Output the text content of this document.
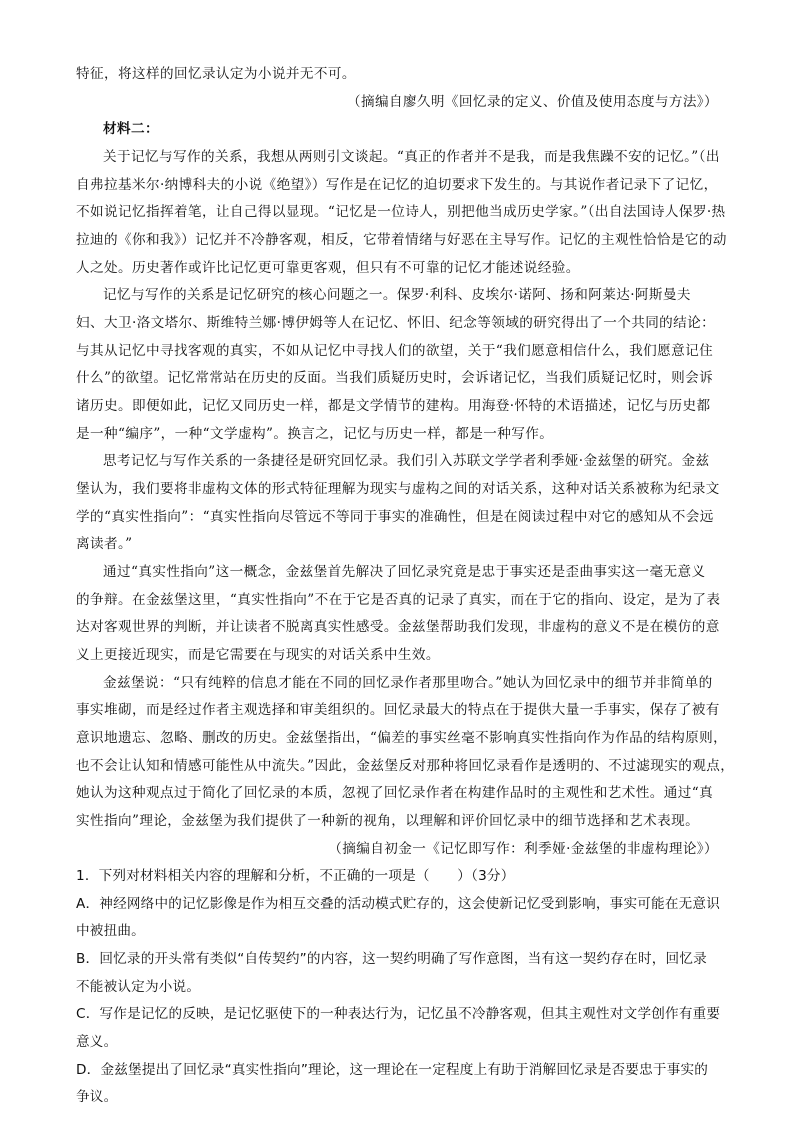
特征，将这样的回忆录认定为小说并无不可。
（摘编自廖久明《回忆录的定义、价值及使用态度与方法》）
材料二：
关于记忆与写作的关系，我想从两则引文谈起。“真正的作者并不是我，而是我焦躁不安的记忆。”（出
自弗拉基米尔·纳博科夫的小说《绝望》）写作是在记忆的迫切要求下发生的。与其说作者记录下了记忆，
不如说记忆指挥着笔，让自己得以显现。“记忆是一位诗人，别把他当成历史学家。”（出自法国诗人保罗·热
拉迪的《你和我》）记忆并不冷静客观，相反，它带着情绪与好恶在主导写作。记忆的主观性恰恰是它的动
人之处。历史著作或许比记忆更可靠更客观，但只有不可靠的记忆才能述说经验。
记忆与写作的关系是记忆研究的核心问题之一。保罗·利科、皮埃尔·诺阿、扬和阿莱达·阿斯曼夫
妇、大卫·洛文塔尔、斯维特兰娜·博伊姆等人在记忆、怀旧、纪念等领域的研究得出了一个共同的结论：
与其从记忆中寻找客观的真实，不如从记忆中寻找人们的欲望，关于“我们愿意相信什么，我们愿意记住
什么”的欲望。记忆常常站在历史的反面。当我们质疑历史时，会诉诸记忆，当我们质疑记忆时，则会诉
诸历史。即便如此，记忆又同历史一样，都是文学情节的建构。用海登·怀特的术语描述，记忆与历史都
是一种“编序”，一种“文学虚构”。换言之，记忆与历史一样，都是一种写作。
思考记忆与写作关系的一条捷径是研究回忆录。我们引入苏联文学学者利季娅·金兹堡的研究。金兹
堡认为，我们要将非虚构文体的形式特征理解为现实与虚构之间的对话关系，这种对话关系被称为纪录文
学的“真实性指向”：“真实性指向尽管远不等同于事实的准确性，但是在阅读过程中对它的感知从不会远
离读者。”
通过“真实性指向”这一概念，金兹堡首先解决了回忆录究竟是忠于事实还是歪曲事实这一毫无意义
的争辩。在金兹堡这里，“真实性指向”不在于它是否真的记录了真实，而在于它的指向、设定，是为了表
达对客观世界的判断，并让读者不脱离真实性感受。金兹堡帮助我们发现，非虚构的意义不是在模仿的意
义上更接近现实，而是它需要在与现实的对话关系中生效。
金兹堡说：“只有纯粹的信息才能在不同的回忆录作者那里吻合。”她认为回忆录中的细节并非简单的
事实堆砌，而是经过作者主观选择和审美组织的。回忆录最大的特点在于提供大量一手事实，保存了被有
意识地遗忘、忽略、删改的历史。金兹堡指出，“偏差的事实丝毫不影响真实性指向作为作品的结构原则，
也不会让认知和情感可能性从中流失。”因此，金兹堡反对那种将回忆录看作是透明的、不过滤现实的观点，
她认为这种观点过于简化了回忆录的本质，忽视了回忆录作者在构建作品时的主观性和艺术性。通过“真
实性指向”理论，金兹堡为我们提供了一种新的视角，以理解和评价回忆录中的细节选择和艺术表现。
（摘编自初金一《记忆即写作：利季娅·金兹堡的非虚构理论》）
1．下列对材料相关内容的理解和分析，不正确的一项是（　　）（3分）
A．神经网络中的记忆影像是作为相互交叠的活动模式贮存的，这会使新记忆受到影响，事实可能在无意识
中被扭曲。
B．回忆录的开头常有类似“自传契约”的内容，这一契约明确了写作意图，当有这一契约存在时，回忆录
不能被认定为小说。
C．写作是记忆的反映，是记忆驱使下的一种表达行为，记忆虽不冷静客观，但其主观性对文学创作有重要
意义。
D．金兹堡提出了回忆录“真实性指向”理论，这一理论在一定程度上有助于消解回忆录是否要忠于事实的
争议。
